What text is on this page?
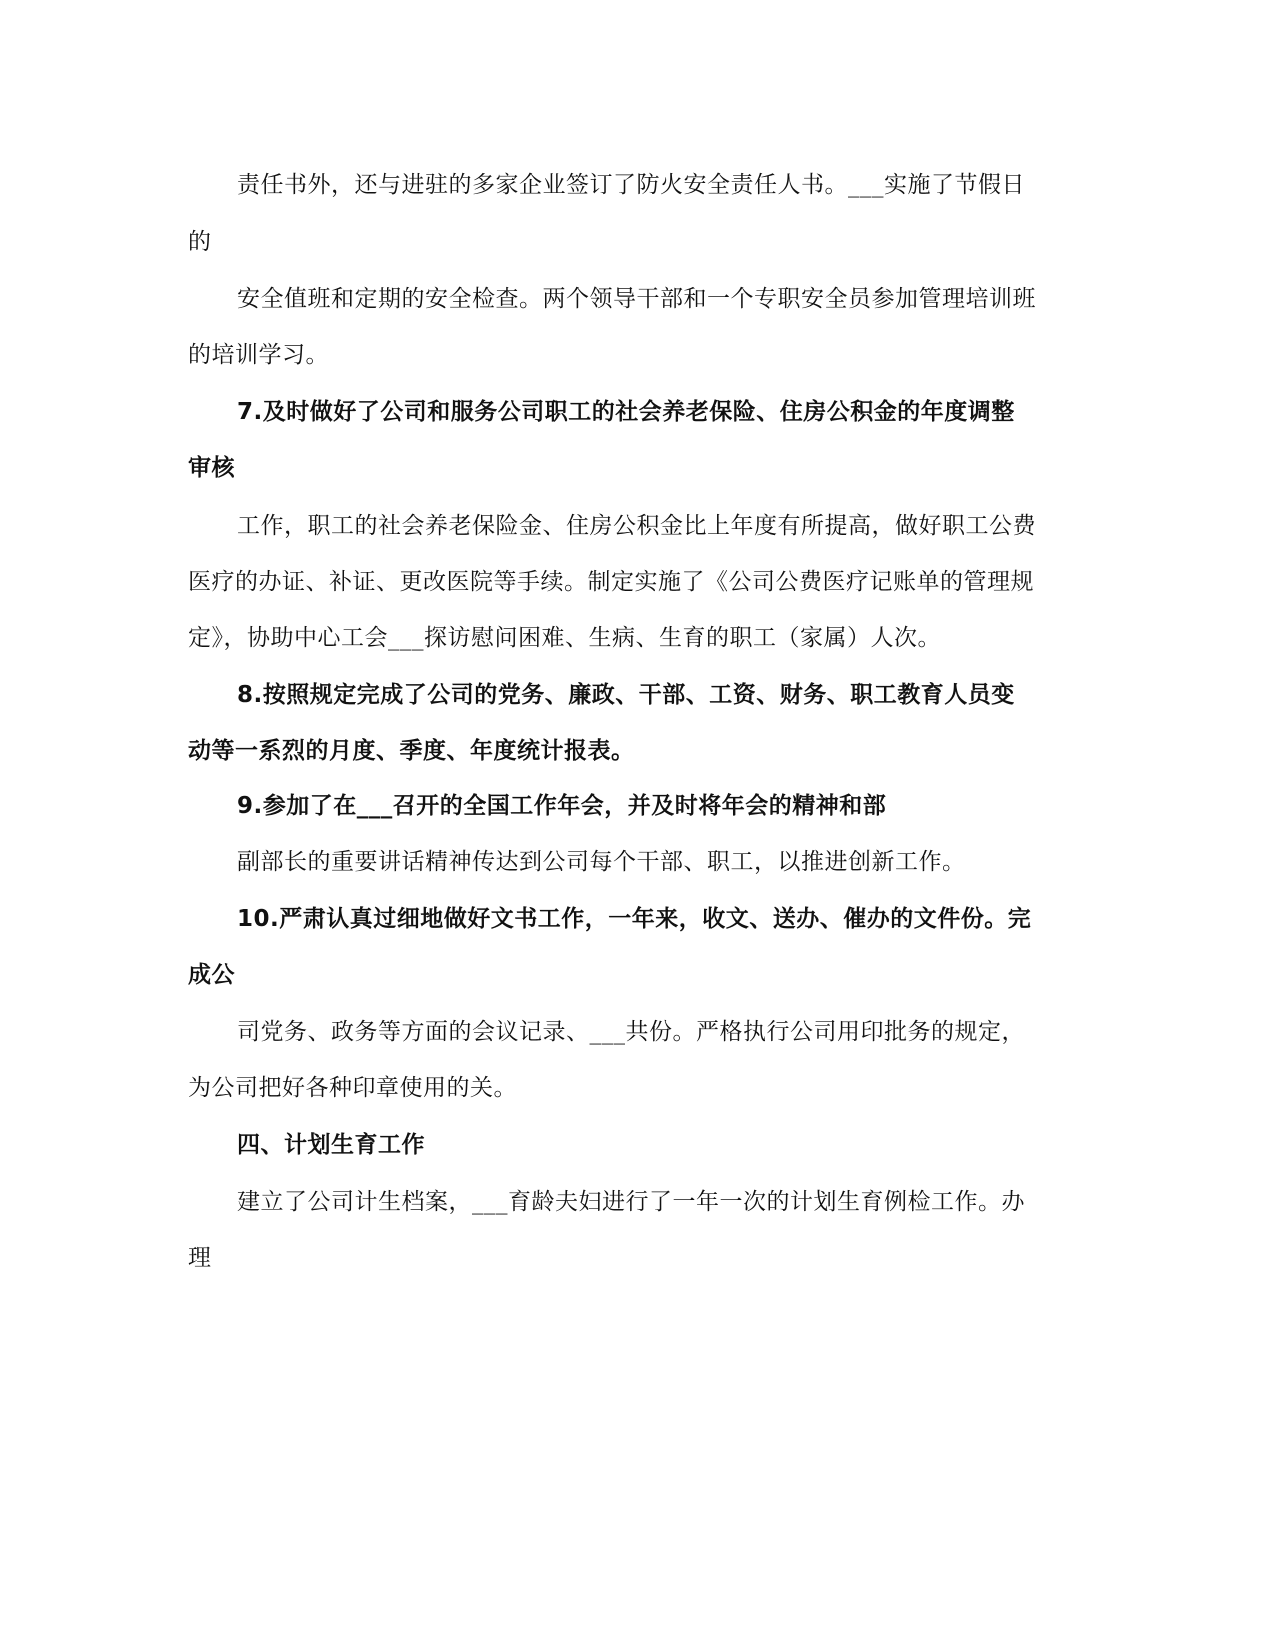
责任书外，还与进驻的多家企业签订了防火安全责任人书。___实施了节假日
的
安全值班和定期的安全检查。两个领导干部和一个专职安全员参加管理培训班
的培训学习。
7.及时做好了公司和服务公司职工的社会养老保险、住房公积金的年度调整
审核
工作，职工的社会养老保险金、住房公积金比上年度有所提高，做好职工公费
医疗的办证、补证、更改医院等手续。制定实施了《公司公费医疗记账单的管理规
定》，协助中心工会___探访慰问困难、生病、生育的职工（家属）人次。
8.按照规定完成了公司的党务、廉政、干部、工资、财务、职工教育人员变
动等一系烈的月度、季度、年度统计报表。
9.参加了在___召开的全国工作年会，并及时将年会的精神和部
副部长的重要讲话精神传达到公司每个干部、职工，以推进创新工作。
10.严肃认真过细地做好文书工作，一年来，收文、送办、催办的文件份。完
成公
司党务、政务等方面的会议记录、___共份。严格执行公司用印批务的规定，
为公司把好各种印章使用的关。
四、计划生育工作
建立了公司计生档案，___育龄夫妇进行了一年一次的计划生育例检工作。办
理
